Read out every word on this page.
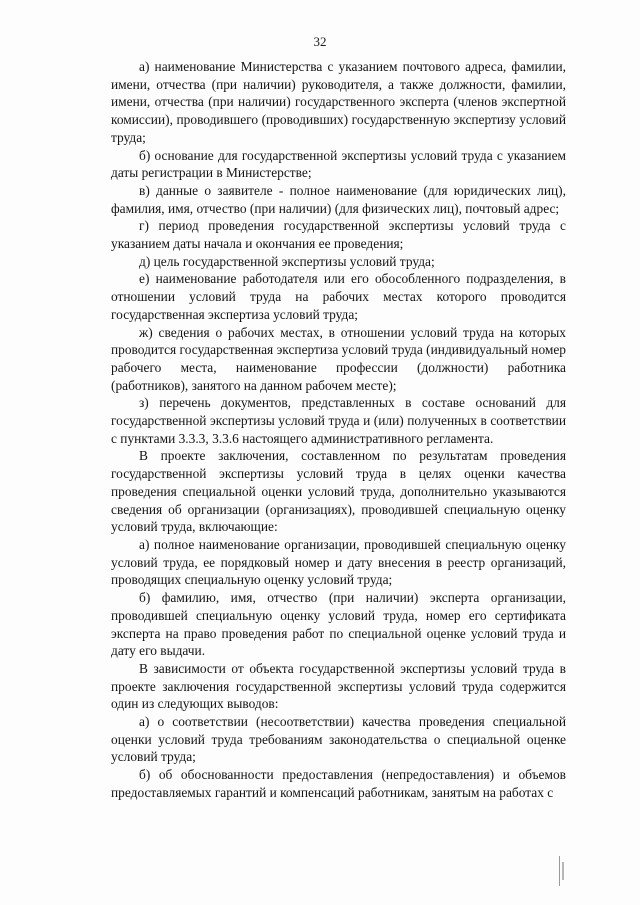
32

а) наименование Министерства с указанием почтового адреса, фамилии, имени, отчества (при наличии) руководителя, а также должности, фамилии, имени, отчества (при наличии) государственного эксперта (членов экспертной комиссии), проводившего (проводивших) государственную экспертизу условий труда;

б) основание для государственной экспертизы условий труда с указанием даты регистрации в Министерстве;

в) данные о заявителе - полное наименование (для юридических лиц), фамилия, имя, отчество (при наличии) (для физических лиц), почтовый адрес;

г) период проведения государственной экспертизы условий труда с указанием даты начала и окончания ее проведения;

д) цель государственной экспертизы условий труда;

е) наименование работодателя или его обособленного подразделения, в отношении условий труда на рабочих местах которого проводится государственная экспертиза условий труда;

ж) сведения о рабочих местах, в отношении условий труда на которых проводится государственная экспертиза условий труда (индивидуальный номер рабочего места, наименование профессии (должности) работника (работников), занятого на данном рабочем месте);

з) перечень документов, представленных в составе оснований для государственной экспертизы условий труда и (или) полученных в соответствии с пунктами 3.3.3, 3.3.6 настоящего административного регламента.

В проекте заключения, составленном по результатам проведения государственной экспертизы условий труда в целях оценки качества проведения специальной оценки условий труда, дополнительно указываются сведения об организации (организациях), проводившей специальную оценку условий труда, включающие:

а) полное наименование организации, проводившей специальную оценку условий труда, ее порядковый номер и дату внесения в реестр организаций, проводящих специальную оценку условий труда;

б) фамилию, имя, отчество (при наличии) эксперта организации, проводившей специальную оценку условий труда, номер его сертификата эксперта на право проведения работ по специальной оценке условий труда и дату его выдачи.

В зависимости от объекта государственной экспертизы условий труда в проекте заключения государственной экспертизы условий труда содержится один из следующих выводов:

а) о соответствии (несоответствии) качества проведения специальной оценки условий труда требованиям законодательства о специальной оценке условий труда;

б) об обоснованности предоставления (непредоставления) и объемов предоставляемых гарантий и компенсаций работникам, занятым на работах с
